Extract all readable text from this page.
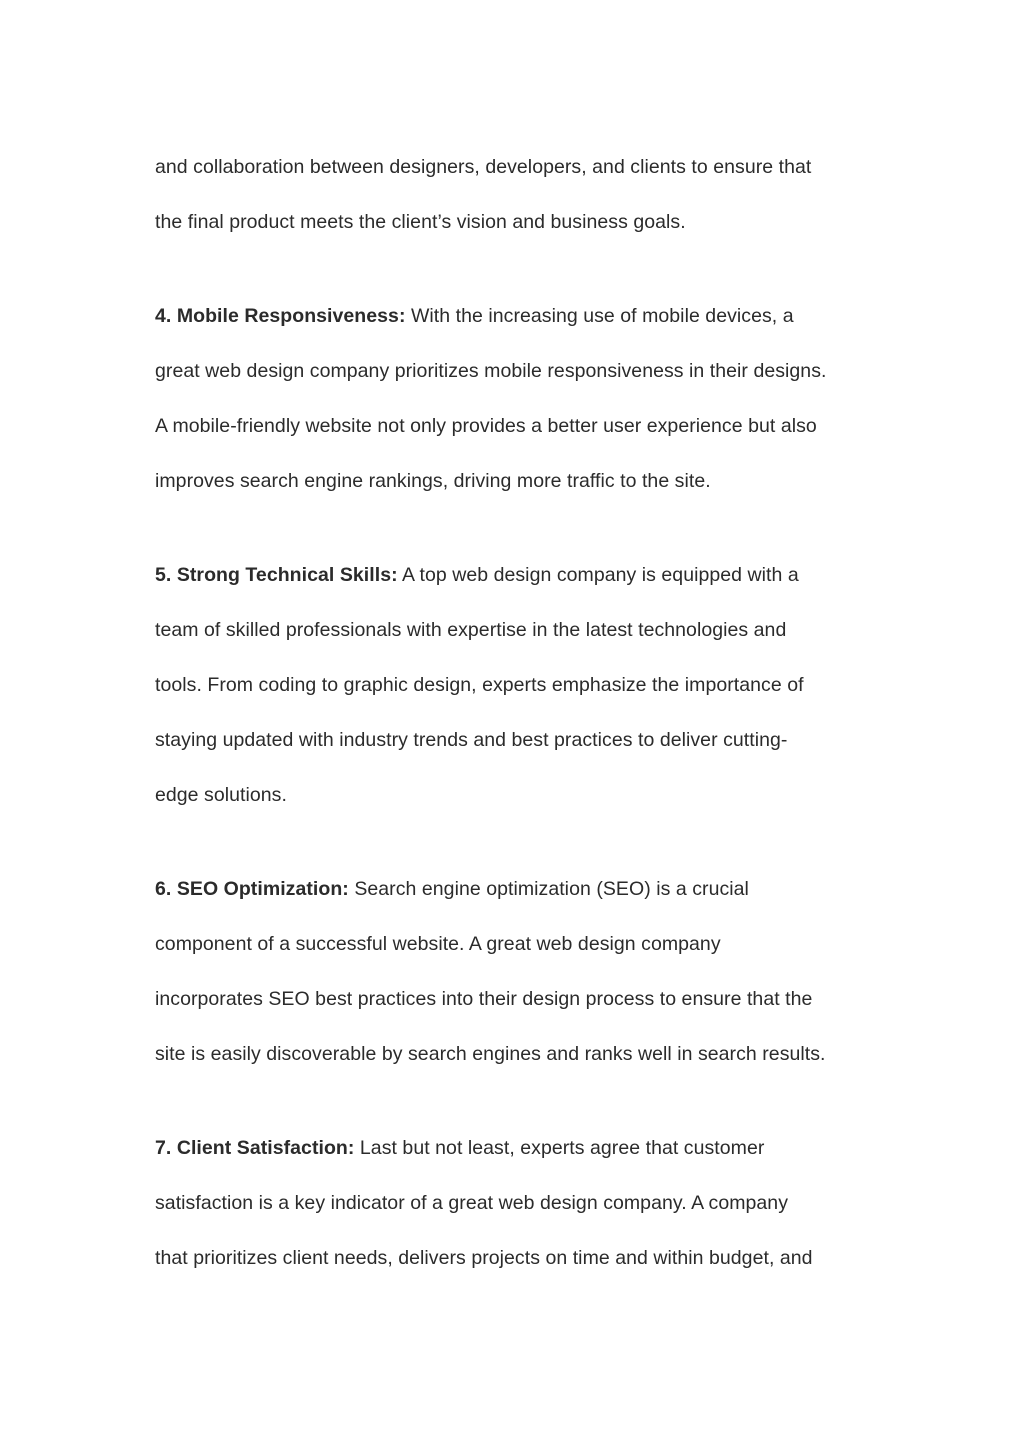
and collaboration between designers, developers, and clients to ensure that
the final product meets the client’s vision and business goals.
4. Mobile Responsiveness: With the increasing use of mobile devices, a
great web design company prioritizes mobile responsiveness in their designs.
A mobile-friendly website not only provides a better user experience but also
improves search engine rankings, driving more traffic to the site.
5. Strong Technical Skills: A top web design company is equipped with a
team of skilled professionals with expertise in the latest technologies and
tools. From coding to graphic design, experts emphasize the importance of
staying updated with industry trends and best practices to deliver cutting-
edge solutions.
6. SEO Optimization: Search engine optimization (SEO) is a crucial
component of a successful website. A great web design company
incorporates SEO best practices into their design process to ensure that the
site is easily discoverable by search engines and ranks well in search results.
7. Client Satisfaction: Last but not least, experts agree that customer
satisfaction is a key indicator of a great web design company. A company
that prioritizes client needs, delivers projects on time and within budget, and
